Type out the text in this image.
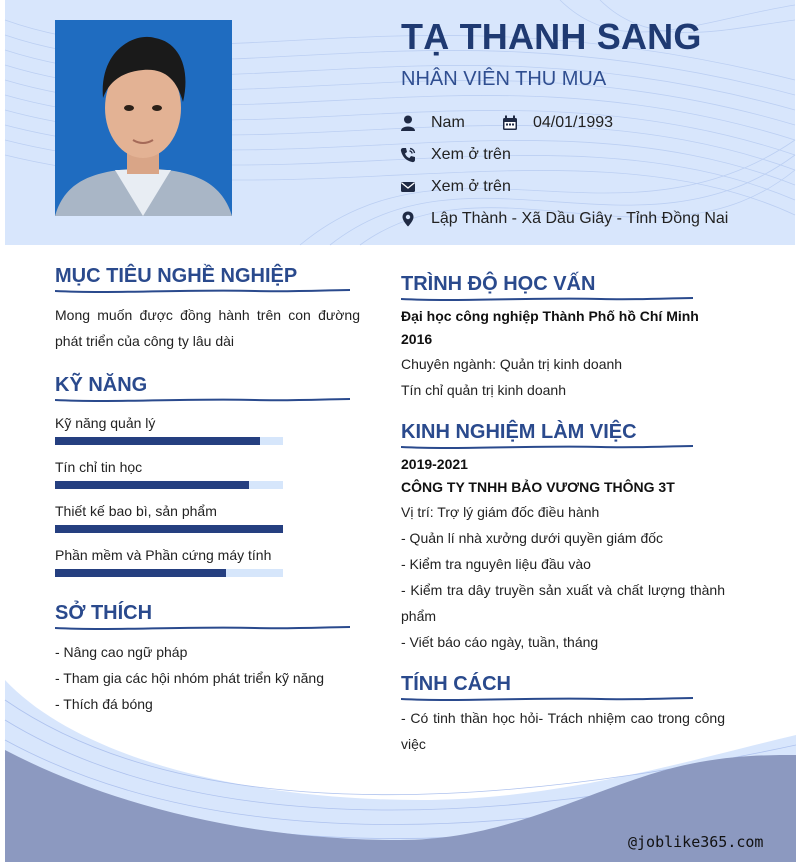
TẠ THANH SANG
NHÂN VIÊN THU MUA
Nam	04/01/1993
Xem ở trên
Xem ở trên
Lập Thành - Xã Dầu Giây - Tỉnh Đồng Nai
MỤC TIÊU NGHỀ NGHIỆP
Mong muốn được đồng hành trên con đường phát triển của công ty lâu dài
KỸ NĂNG
Kỹ năng quản lý
Tín chỉ tin học
Thiết kế bao bì, sản phẩm
Phần mềm và Phần cứng máy tính
SỞ THÍCH
- Nâng cao ngữ pháp
- Tham gia các hội nhóm phát triển kỹ năng
- Thích đá bóng
TRÌNH ĐỘ HỌC VẤN
Đại học công nghiệp Thành Phố hồ Chí Minh
2016
Chuyên ngành: Quản trị kinh doanh
Tín chỉ quản trị kinh doanh
KINH NGHIỆM LÀM VIỆC
2019-2021
CÔNG TY TNHH BẢO VƯƠNG THÔNG 3T
Vị trí: Trợ lý giám đốc điều hành
- Quản lí nhà xưởng dưới quyền giám đốc
- Kiểm tra nguyên liệu đầu vào
- Kiểm tra dây truyền sản xuất và chất lượng thành phẩm
- Viết báo cáo ngày, tuần, tháng
TÍNH CÁCH
- Có tinh thần học hỏi- Trách nhiệm cao trong công việc
@joblike365.com
